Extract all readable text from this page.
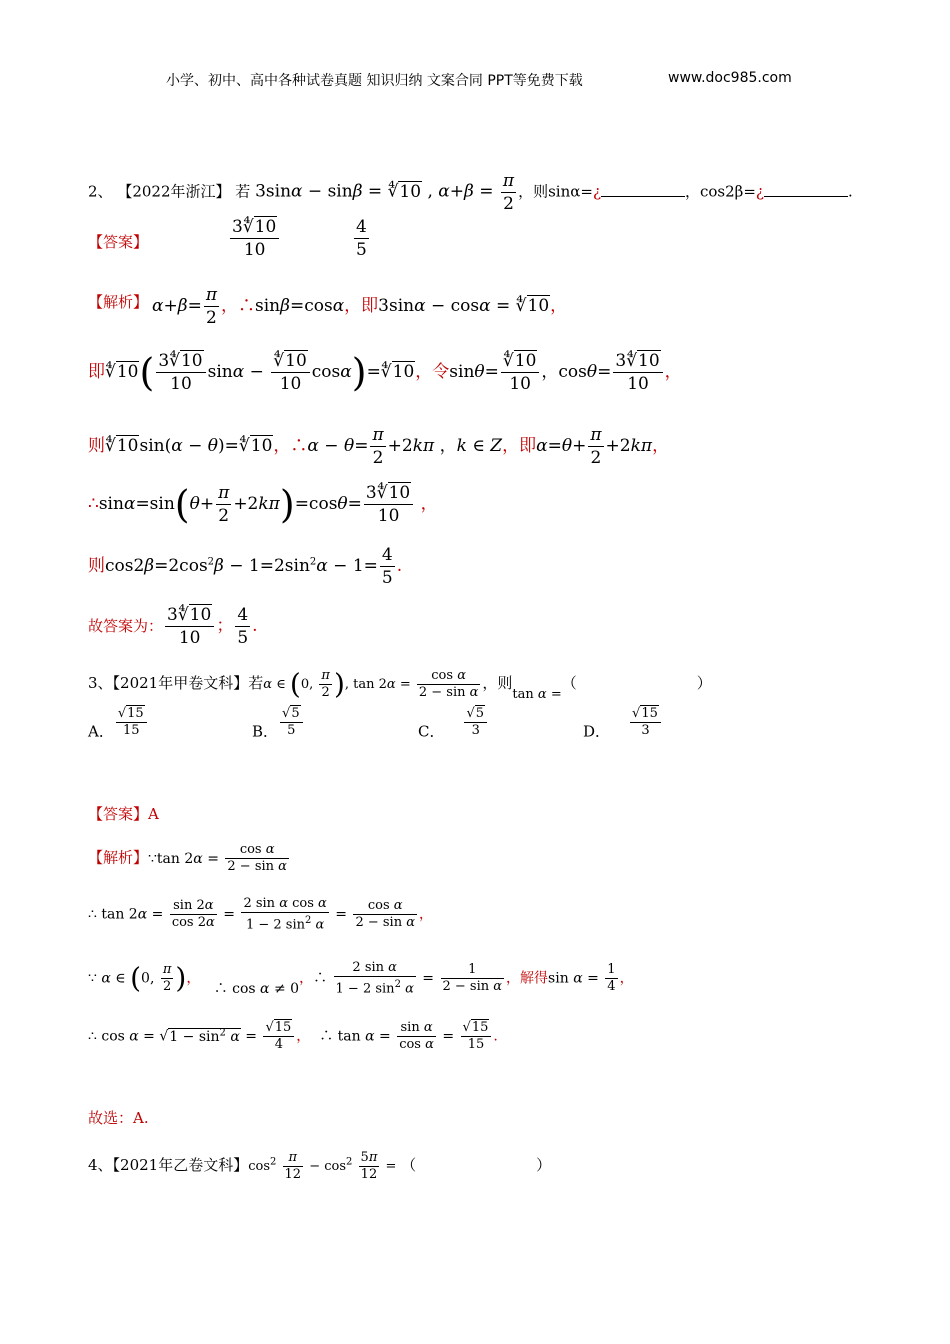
小学、初中、高中各种试卷真题 知识归纳 文案合同 PPT等免费下载	www.doc985.com
2、 【2022年浙江】 若 3sinα − sinβ = ∜10 , $\alpha+\beta = \frac{\pi}{2}$ ，则sinα=¿	，cos2β=¿	.
【答案】	$\frac{3∜10}{10}$	$\frac{4}{5}$
【解析】 $\alpha+\beta= \frac{\pi}{2}$ ，∴sinβ=cosα，即3sinα − cosα = ∜10，
即∜10( $\frac{3∜10}{10}$ $\sin\alpha - \frac{∜10}{10}$ cosα)=∜10，令$\sin\theta= \frac{∜10}{10}$ ，$\cos\theta= \frac{3∜10}{10}$ ，
则∜10sin(α − θ)=∜10，∴α − $\theta= \frac{\pi}{2} +2k\pi$ ，k ∈ Z，即$\alpha=\theta+ \frac{\pi}{2} +2k\pi$，
∴sinα=sin(θ+ $\frac{\pi}{2} +2k\pi)=\cos\theta= \frac{3∜10}{10}$ ，
则$\cos 2\beta=2\cos^2\beta - 1=2\sin^2\alpha - 1= \frac{4}{5}$ .
故答案为： $\frac{3∜10}{10}$ ； $\frac{4}{5}$ .
3、【2021年甲卷文科】若α ∈ (0, $\frac{\pi}{2}$ ), $\tan 2\alpha = \frac{\text{cos α}}{\text{2 − sin α}}$ ，则tan α =（	）
A． $\frac{√15}{15}$	B． $\frac{√5}{5}$	C． $\frac{√5}{3}$	D． $\frac{√15}{3}$
【答案】A
【解析】∵tan $2\alpha = \frac{\text{cos α}}{\text{2 − sin α}}$
∴ $\tan 2\alpha = \frac{\sin 2\alpha}{\cos 2\alpha} = \frac{\text{2 sin α cos α}}{1 - 2 \sin^2 \alpha} = \frac{\text{cos α}}{\text{2 − sin α}}$ ，
∵ α ∈ (0, $\frac{\pi}{2}$ )，   ∴ cos α ≠ 0，∴ $\frac{\text{2 sin α}}{1 - 2 \sin^2 \alpha} = \frac{1}{\text{2 − sin α}}$ ，解得$\sin \alpha = \frac{1}{4}$ ，
∴ $\cos \alpha = √1 - \sin^2 \alpha = \frac{√15}{4}$ ，  ∴ $\tan \alpha = \frac{\text{sin α}}{\text{cos α}} = \frac{√15}{15}$ .
故选：A.
4、【2021年乙卷文科】$\cos^2 \frac{\pi}{12} - \cos^2 \frac{5\pi}{12}$ = （	）
